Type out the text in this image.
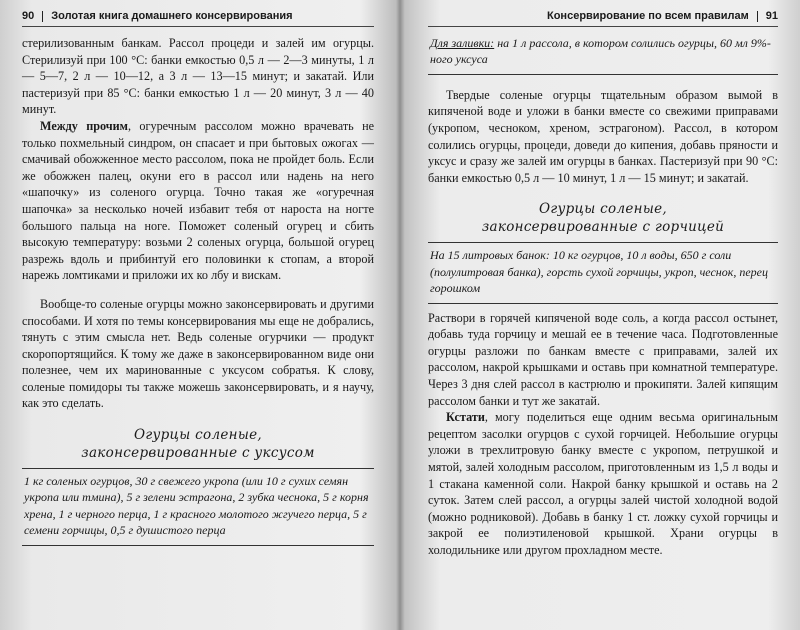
90 Золотая книга домашнего консервирования

стерилизованным банкам. Рассол процеди и залей им огурцы. Стерилизуй при 100 °С: банки емкостью 0,5 л — 2—3 минуты, 1 л — 5—7, 2 л — 10—12, а 3 л — 13—15 минут; и закатай. Или пастеризуй при 85 °С: банки емкостью 1 л — 20 минут, 3 л — 40 минут.

Между прочим, огуречным рассолом можно врачевать не только похмельный синдром, он спасает и при бытовых ожогах — смачивай обожженное место рассолом, пока не пройдет боль. Если же обожжен палец, окуни его в рассол или надень на него «шапочку» из соленого огурца. Точно такая же «огуречная шапочка» за несколько ночей избавит тебя от нароста на ногте большого пальца на ноге. Поможет соленый огурец и сбить высокую температуру: возьми 2 соленых огурца, большой огурец разрежь вдоль и прибинтуй его половинки к стопам, а второй нарежь ломтиками и приложи их ко лбу и вискам.

Вообще-то соленые огурцы можно законсервировать и другими способами. И хотя по темы консервирования мы еще не добрались, тянуть с этим смысла нет. Ведь соленые огурчики — продукт скоропортящийся. К тому же даже в законсервированном виде они полезнее, чем их маринованные с уксусом собратья. К слову, соленые помидоры ты также можешь законсервировать, и я научу, как это сделать.

Огурцы соленые,
законсервированные с уксусом
1 кг соленых огурцов, 30 г свежего укропа (или 10 г сухих семян укропа или тмина), 5 г зелени эстрагона, 2 зубка чеснока, 5 г корня хрена, 1 г черного перца, 1 г красного молотого жгучего перца, 5 г семени горчицы, 0,5 г душистого перца
Консервирование по всем правилам 91
Для заливки: на 1 л рассола, в котором солились огурцы, 60 мл 9%-ного уксуса

Твердые соленые огурцы тщательным образом вымой в кипяченой воде и уложи в банки вместе со свежими приправами (укропом, чесноком, хреном, эстрагоном). Рассол, в котором солились огурцы, процеди, доведи до кипения, добавь пряности и уксус и сразу же залей им огурцы в банках. Пастеризуй при 90 °С: банки емкостью 0,5 л — 10 минут, 1 л — 15 минут; и закатай.

Огурцы соленые,
законсервированные с горчицей
На 15 литровых банок: 10 кг огурцов, 10 л воды, 650 г соли (полулитровая банка), горсть сухой горчицы, укроп, чеснок, перец горошком

Раствори в горячей кипяченой воде соль, а когда рассол остынет, добавь туда горчицу и мешай ее в течение часа. Подготовленные огурцы разложи по банкам вместе с приправами, залей их рассолом, накрой крышками и оставь при комнатной температуре. Через 3 дня слей рассол в кастрюлю и прокипяти. Залей кипящим рассолом банки и тут же закатай.

Кстати, могу поделиться еще одним весьма оригинальным рецептом засолки огурцов с сухой горчицей. Небольшие огурцы уложи в трехлитровую банку вместе с укропом, петрушкой и мятой, залей холодным рассолом, приготовленным из 1,5 л воды и 1 стакана каменной соли. Накрой банку крышкой и оставь на 2 суток. Затем слей рассол, а огурцы залей чистой холодной водой (можно родниковой). Добавь в банку 1 ст. ложку сухой горчицы и закрой ее полиэтиленовой крышкой. Храни огурцы в холодильнике или другом прохладном месте.
